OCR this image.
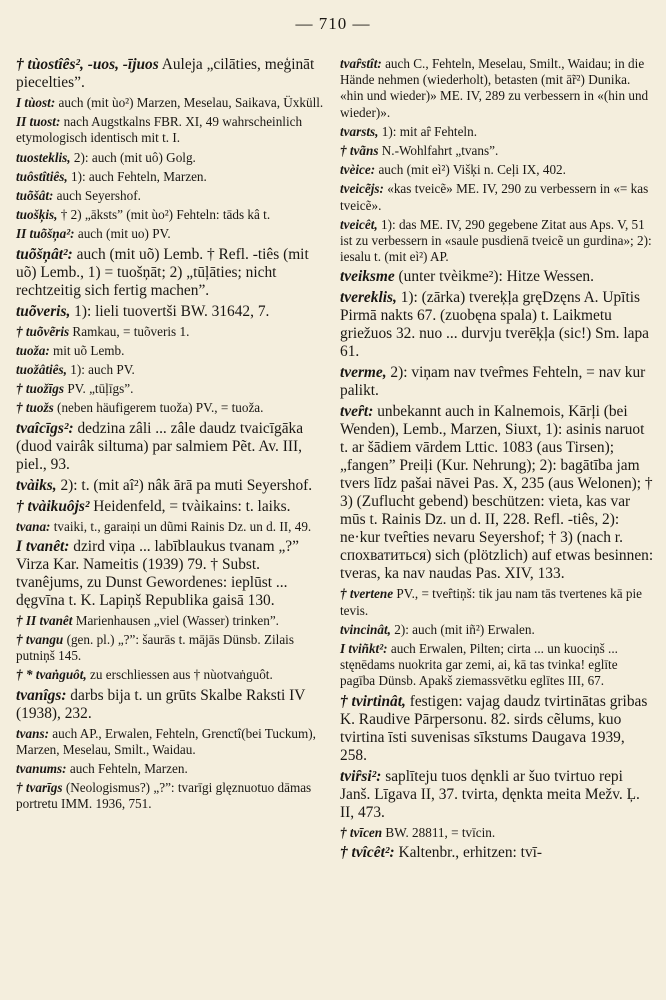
— 710 —

† tùostîês², -uos, -ījuos Auleja „cilāties, meģināt pieceltiesˮ.

I tùost: auch (mit ùo²) Marzen, Meselau, Saikava, Üxküll.

II tuost: nach Augstkalns FBR. XI, 49 wahrscheinlich etymologisch identisch mit t. I.

tuosteklis, 2): auch (mit uô) Golg.

tuôstîtiês, 1): auch Fehteln, Marzen.

tuõšât: auch Seyershof.

tuošķis, † 2) „ākstsˮ (mit ùo²) Fehteln: tāds kâ t.

II tuõšņa²: auch (mit uo) PV.

tuõšņât²: auch (mit uõ) Lemb. † Refl. -tiês (mit uõ) Lemb., 1) = tuošņāt; 2) „tūļāties; nicht rechtzeitig sich fertig machenˮ.

tuõveris, 1): lieli tuovertši BW. 31642, 7.

† tuõvẽris Ramkau, = tuõveris 1.

tuoža: mit uõ Lemb.

tuožâtiês, 1): auch PV.

† tuožīgs PV. „tūļīgsˮ.

† tuožs (neben häufigerem tuoža) PV., = tuoža.

tvaîcīgs²: dedzina zâli ... zâle daudz tvaicīgāka (duod vairâk siltuma) par salmiem Pẽt. Av. III, piel., 93.

tvàiks, 2): t. (mit aî²) nâk ārā pa muti Seyershof.

† tvàikuôjs² Heidenfeld, = tvàikains: t. laiks.

tvana: tvaiki, t., garaiņi un dũmi Rainis Dz. un d. II, 49.

I tvanêt: dzird viņa ... labīblaukus tvanam „?ˮ Virza Kar. Nameitis (1939) 79. † Subst. tvanêjums, zu Dunst Gewordenes: ieplūst ... dęgvīna t. K. Lapiņš Republika gaisā 130.

† II tvanêt Marienhausen „viel (Wasser) trinkenˮ.

† tvangu (gen. pl.) „?ˮ: šaurās t. mājās Dünsb. Zilais putniņš 145.

† * tvaṅguôt, zu erschliessen aus † nùotvaṅguôt.

tvanîgs: darbs bija t. un grūts Skalbe Raksti IV (1938), 232.

tvans: auch AP., Erwalen, Fehteln, Grenctî(bei Tuckum), Marzen, Meselau, Smilt., Waidau.

tvanums: auch Fehteln, Marzen.

† tvarīgs (Neologismus?) „?ˮ: tvarīgi glęznuotuo dāmas portretu IMM. 1936, 751.

tvaȓstît: auch C., Fehteln, Meselau, Smilt., Waidau; in die Hände nehmen (wiederholt), betasten (mit ā̃r²) Dunika. «hin und wieder)» ME. IV, 289 zu verbessern in «(hin und wieder)».

tvarsts, 1): mit aȓ Fehteln.

† tvãns N.-Wohlfahrt „tvansˮ.

tvèice: auch (mit eì²) Višķi n. Ceļi IX, 402.

tveicẽjs: «kas tveicẽ» ME. IV, 290 zu verbessern in «= kas tveicẽ».

tveicêt, 1): das ME. IV, 290 gegebene Zitat aus Aps. V, 51 ist zu verbessern in «saule pusdienā tveicẽ un gurdina»; 2): iesalu t. (mit eì²) AP.

tveiksme (unter tvèikme²): Hitze Wessen.

tvereklis, 1): (zārka) tvereķļa gręDzęns A. Upītis Pirmā nakts 67. (zuobęna spala) t. Laikmetu griežuos 32. nuo ... durvju tverēķļa (sic!) Sm. lapa 61.

tverme, 2): viņam nav tveȓmes Fehteln, = nav kur palikt.

tveȓt: unbekannt auch in Kalnemois, Kārļi (bei Wenden), Lemb., Marzen, Siuxt, 1): asinis naruot t. ar šādiem vārdem Lttic. 1083 (aus Tirsen); „fangenˮ Preiļi (Kur. Nehrung); 2): bagātība jam tvers līdz pašai nāvei Pas. X, 235 (aus Welonen); † 3) (Zuflucht gebend) beschützen: vieta, kas var mūs t. Rainis Dz. un d. II, 228. Refl. -tiês, 2): ne·kur tveȓties nevaru Seyershof; † 3) (nach r. спохватиться) sich (plötzlich) auf etwas besinnen: tveras, ka nav naudas Pas. XIV, 133.

† tvertene PV., = tveȓtiņš: tik jau nam tās tvertenes kā pie tevis.

tvincinât, 2): auch (mit iñ²) Erwalen.

I tviñkt²: auch Erwalen, Pilten; cirta ... un kuociņš ... stęnēdams nuokrita gar zemi, ai, kā tas tvinka! eglīte pagība Dünsb. Apakš ziemassvētku eglītes III, 67.

† tvirtinât, festigen: vajag daudz tvirtinātas gribas K. Raudive Pārpersonu. 82. sirds cẽlums, kuo tvirtina īsti suvenisas sīkstums Daugava 1939, 258.

tviȓsi²: saplīteju tuos dęnkli ar šuo tvirtuo repi Janš. Līgava II, 37. tvirta, dęnkta meita Mežv. Ļ. II, 473.

† tvīcen BW. 28811, = tvīcin.

† tvîcêt²: Kaltenbr., erhitzen: tvī-
